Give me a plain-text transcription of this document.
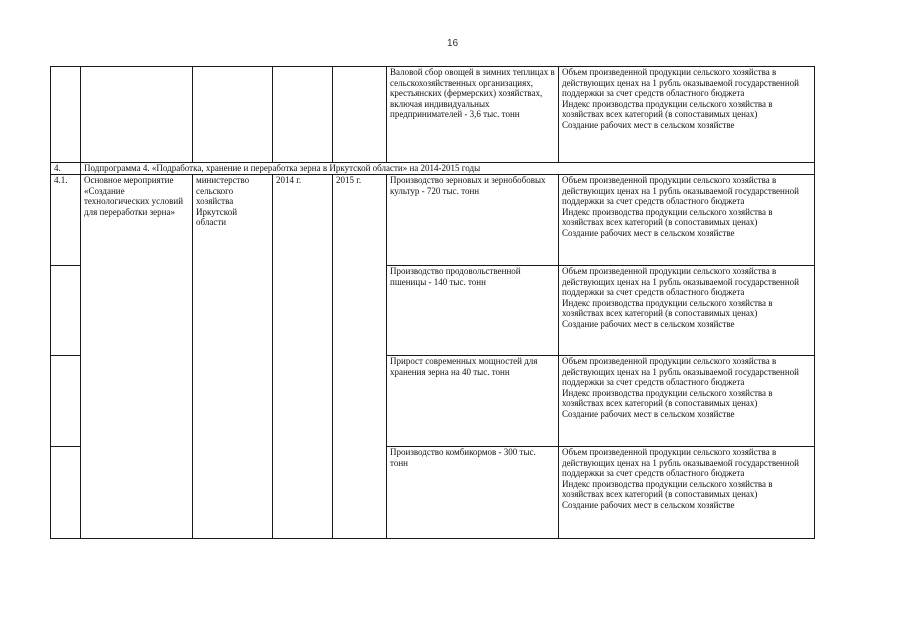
16
					Валовой сбор овощей в зимних теплицах в сельскохозяйственных организациях, крестьянских (фермерских) хозяйствах, включая индивидуальных предпринимателей - 3,6 тыс. тонн	Объем произведенной продукции сельского хозяйства в действующих ценах на 1 рубль оказываемой государственной поддержки за счет средств областного бюджета
Индекс производства продукции сельского хозяйства в хозяйствах всех категорий (в сопоставимых ценах)
Создание рабочих мест в сельском хозяйстве

4.	Подпрограмма 4. «Подработка, хранение и переработка зерна в Иркутской области» на 2014-2015 годы					
4.1.	Основное мероприятие «Создание технологических условий для переработки зерна»	министерство сельского хозяйства Иркутской области	2014 г.	2015 г.	Производство зерновых и зернобобовых культур - 720 тыс. тонн	Объем произведенной продукции сельского хозяйства в действующих ценах на 1 рубль оказываемой государственной поддержки за счет средств областного бюджета
Индекс производства продукции сельского хозяйства в хозяйствах всех категорий (в сопоставимых ценах)
Создание рабочих мест в сельском хозяйстве

					Производство продовольственной пшеницы - 140 тыс. тонн	Объем произведенной продукции сельского хозяйства в действующих ценах на 1 рубль оказываемой государственной поддержки за счет средств областного бюджета
Индекс производства продукции сельского хозяйства в хозяйствах всех категорий (в сопоставимых ценах)
Создание рабочих мест в сельском хозяйстве

					Прирост современных мощностей для хранения зерна на 40 тыс. тонн	Объем произведенной продукции сельского хозяйства в действующих ценах на 1 рубль оказываемой государственной поддержки за счет средств областного бюджета
Индекс производства продукции сельского хозяйства в хозяйствах всех категорий (в сопоставимых ценах)
Создание рабочих мест в сельском хозяйстве

					Производство комбикормов - 300 тыс. тонн	Объем произведенной продукции сельского хозяйства в действующих ценах на 1 рубль оказываемой государственной поддержки за счет средств областного бюджета
Индекс производства продукции сельского хозяйства в хозяйствах всех категорий (в сопоставимых ценах)
Создание рабочих мест в сельском хозяйстве
